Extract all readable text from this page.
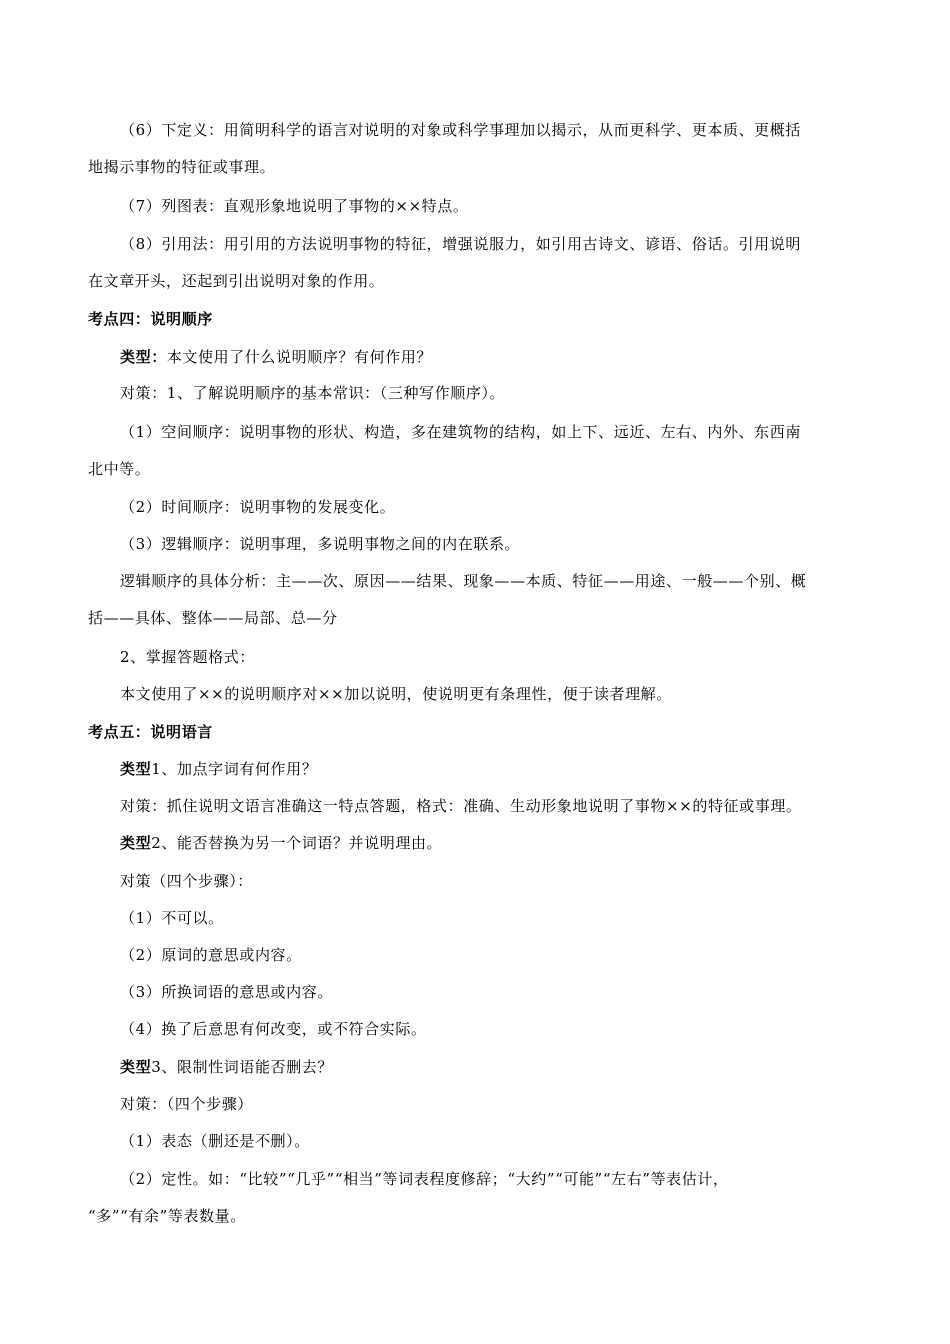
（6）下定义：用简明科学的语言对说明的对象或科学事理加以揭示，从而更科学、更本质、更概括
地揭示事物的特征或事理。
（7）列图表：直观形象地说明了事物的××特点。
（8）引用法：用引用的方法说明事物的特征，增强说服力，如引用古诗文、谚语、俗话。引用说明
在文章开头，还起到引出说明对象的作用。
考点四：说明顺序
类型：本文使用了什么说明顺序？有何作用？
对策：1、了解说明顺序的基本常识：（三种写作顺序）。
（1）空间顺序：说明事物的形状、构造，多在建筑物的结构，如上下、远近、左右、内外、东西南
北中等。
（2）时间顺序：说明事物的发展变化。
（3）逻辑顺序：说明事理，多说明事物之间的内在联系。
逻辑顺序的具体分析：主——次、原因——结果、现象——本质、特征——用途、一般——个别、概
括——具体、整体——局部、总—分
2、掌握答题格式：
本文使用了××的说明顺序对××加以说明，使说明更有条理性，便于读者理解。
考点五：说明语言
类型1、加点字词有何作用？
对策：抓住说明文语言准确这一特点答题，格式：准确、生动形象地说明了事物××的特征或事理。
类型2、能否替换为另一个词语？并说明理由。
对策（四个步骤）：
（1）不可以。
（2）原词的意思或内容。
（3）所换词语的意思或内容。
（4）换了后意思有何改变，或不符合实际。
类型3、限制性词语能否删去？
对策：（四个步骤）
（1）表态（删还是不删）。
（2）定性。如：“比较”“几乎”“相当”等词表程度修辞；“大约”“可能”“左右”等表估计，
“多”“有余”等表数量。
